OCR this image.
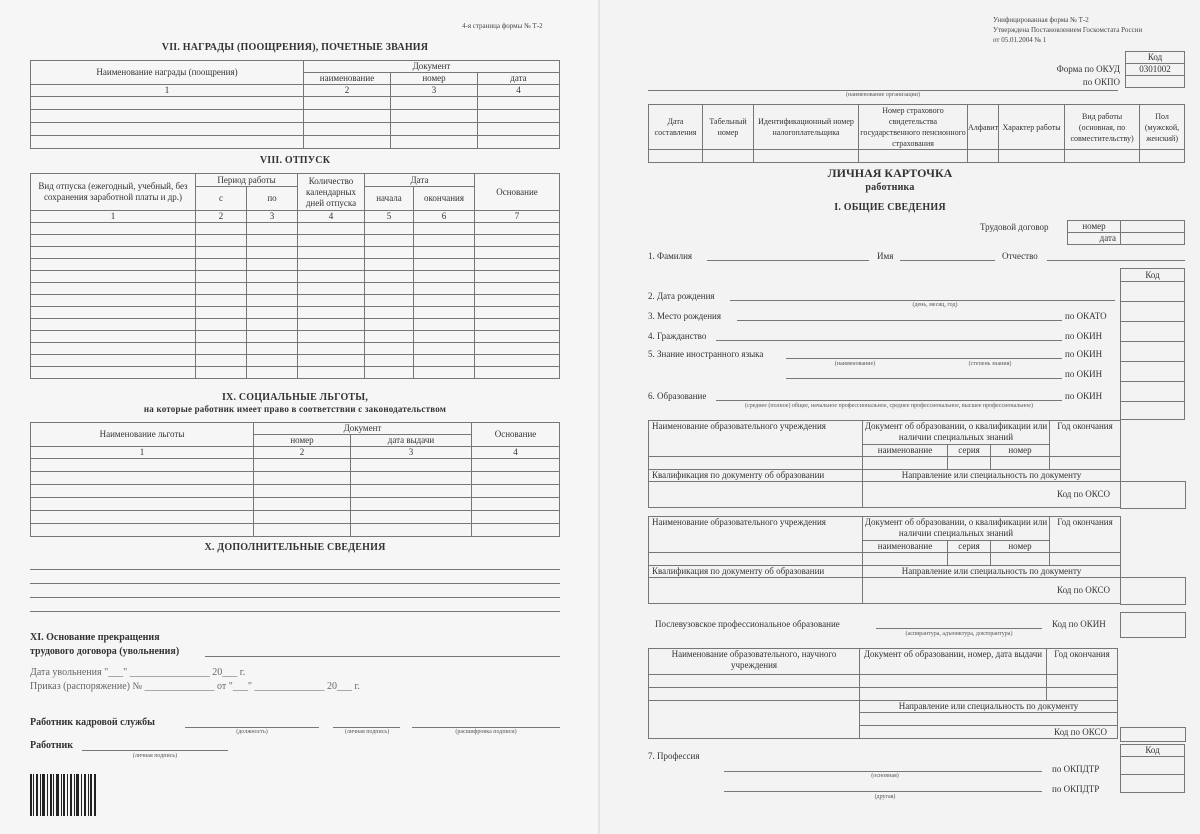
4-я страница формы № Т-2
VII. НАГРАДЫ (ПООЩРЕНИЯ), ПОЧЕТНЫЕ ЗВАНИЯ
Наименование награды (поощрения)	Документ		
	наименование	номер	дата
1	2	3	4

VIII. ОТПУСК
Вид отпуска (ежегодный, учебный, без сохранения заработной платы и др.)	Период работы		Количество календарных дней отпуска	Дата		Основание
	с	по		начала	окончания	
1	2	3	4	5	6	7

IX. СОЦИАЛЬНЫЕ ЛЬГОТЫ,
на которые работник имеет право в соответствии с законодательством
Наименование льготы	Документ		Основание
	номер	дата выдачи	
1	2	3	4

X. ДОПОЛНИТЕЛЬНЫЕ СВЕДЕНИЯ
XI. Основание прекращения
трудового договора (увольнения)
Дата увольнения "___" ________________ 20___ г.
Приказ (распоряжение) № ______________ от "___" ______________ 20___ г.
Работник кадровой службы
(должность)	(личная подпись)	(расшифровка подписи)
Работник
(личная подпись)
Унифицированная форма № Т-2
Утверждена Постановлением Госкомстата России
от 05.01.2004 № 1
Код
0301002

Форма по ОКУД
по ОКПО
(наименование организации)
Дата составления	Табельный номер	Идентификационный номер налогоплательщика	Номер страхового свидетельства государственного пенсионного страхования	Алфавит	Характер работы	Вид работы (основная, по совместительству)	Пол (мужской, женский)

ЛИЧНАЯ КАРТОЧКА
работника
I. ОБЩИЕ СВЕДЕНИЯ
Трудовой договор	номер	
дата	
1. Фамилия	Имя	Отчество
Код

2. Дата рождения
(день, месяц, год)
3. Место рождения	по ОКАТО
4. Гражданство	по ОКИН
5. Знание иностранного языка	по ОКИН
(наименование)	(степень знания)
по ОКИН
6. Образование	по ОКИН
(среднее (полное) общее, начальное профессиональное, среднее профессиональное, высшее профессиональное)
Наименование образовательного учреждения	Документ об образовании, о квалификации или наличии специальных знаний			Год окончания	
	наименование	серия	номер		

Квалификация по документу об образовании	Направление или специальность по документу				
	Код по ОКСО				
Наименование образовательного учреждения	Документ об образовании, о квалификации или наличии специальных знаний			Год окончания	
	наименование	серия	номер		

Квалификация по документу об образовании	Направление или специальность по документу				
	Код по ОКСО				
Послевузовское профессиональное образование
(аспирантура, адъюнктура, докторантура)
Код по ОКИН
Наименование образовательного, научного учреждения	Документ об образовании, номер, дата выдачи	Год окончания	

	Направление или специальность по документу		

	Код по ОКСО		
7. Профессия
Код

(основная)
по ОКПДТР
(другая)
по ОКПДТР
